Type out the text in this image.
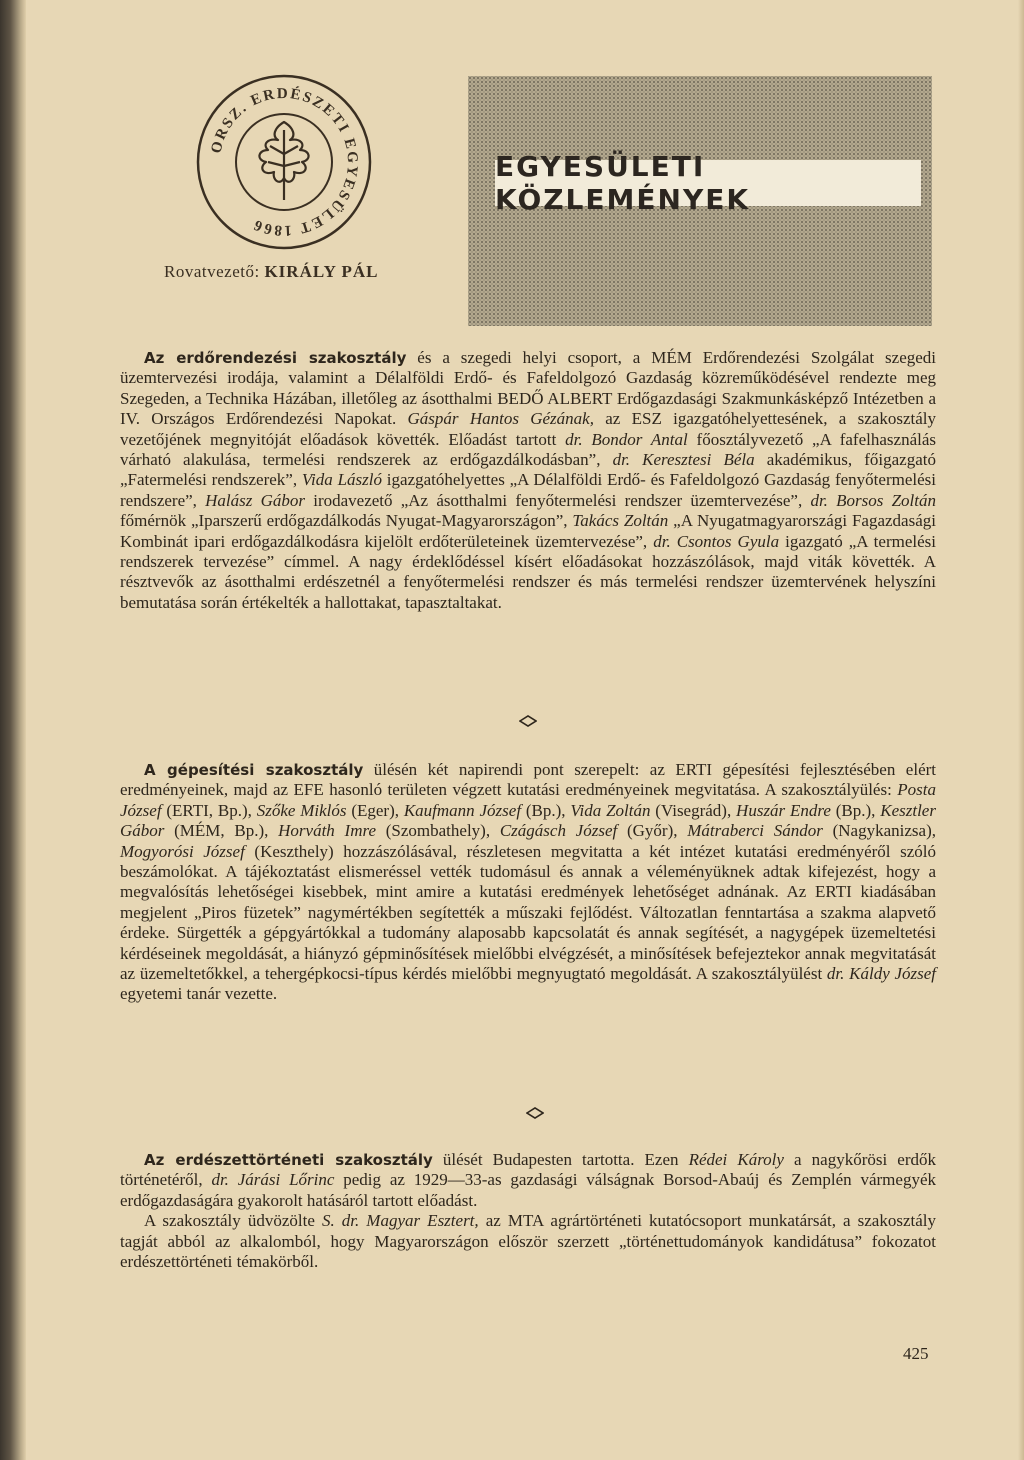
ORSZ. ERDÉSZETI EGYESÜLET 1866
Rovatvezető: KIRÁLY PÁL
EGYESÜLETI KÖZLEMÉNYEK

Az erdőrendezési szakosztály és a szegedi helyi csoport, a MÉM Erdőrendezési Szolgálat szegedi üzemtervezési irodája, valamint a Délalföldi Erdő- és Fafeldolgozó Gazdaság közreműködésével rendezte meg Szegeden, a Technika Házában, illetőleg az ásotthalmi BEDŐ ALBERT Erdőgazdasági Szakmunkásképző Intézetben a IV. Országos Erdőrendezési Napokat. Gáspár Hantos Gézának, az ESZ igazgatóhelyettesének, a szakosztály vezetőjének megnyitóját előadások követték. Előadást tartott dr. Bondor Antal főosztályvezető „A fafelhasználás várható alakulása, termelési rendszerek az erdőgazdálkodásban”, dr. Keresztesi Béla akadémikus, főigazgató „Fatermelési rendszerek”, Vida László igazgatóhelyettes „A Délalföldi Erdő- és Fafeldolgozó Gazdaság fenyőtermelési rendszere”, Halász Gábor irodavezető „Az ásotthalmi fenyőtermelési rendszer üzemtervezése”, dr. Borsos Zoltán főmérnök „Iparszerű erdőgazdálkodás Nyugat-Magyarországon”, Takács Zoltán „A Nyugatmagyarországi Fagazdasági Kombinát ipari erdőgazdálkodásra kijelölt erdőterületeinek üzemtervezése”, dr. Csontos Gyula igazgató „A termelési rendszerek tervezése” címmel. A nagy érdeklődéssel kísért előadásokat hozzászólások, majd viták követték. A résztvevők az ásotthalmi erdészetnél a fenyőtermelési rendszer és más termelési rendszer üzemtervének helyszíni bemutatása során értékelték a hallottakat, tapasztaltakat.

A gépesítési szakosztály ülésén két napirendi pont szerepelt: az ERTI gépesítési fejlesztésében elért eredményeinek, majd az EFE hasonló területen végzett kutatási eredményeinek megvitatása. A szakosztályülés: Posta József (ERTI, Bp.), Szőke Miklós (Eger), Kaufmann József (Bp.), Vida Zoltán (Visegrád), Huszár Endre (Bp.), Kesztler Gábor (MÉM, Bp.), Horváth Imre (Szombathely), Czágásch József (Győr), Mátraberci Sándor (Nagykanizsa), Mogyorósi József (Keszthely) hozzászólásával, részletesen megvitatta a két intézet kutatási eredményéről szóló beszámolókat. A tájékoztatást elismeréssel vették tudomásul és annak a véleményüknek adtak kifejezést, hogy a megvalósítás lehetőségei kisebbek, mint amire a kutatási eredmények lehetőséget adnának. Az ERTI kiadásában megjelent „Piros füzetek” nagymértékben segítették a műszaki fejlődést. Változatlan fenntartása a szakma alapvető érdeke. Sürgették a gépgyártókkal a tudomány alaposabb kapcsolatát és annak segítését, a nagygépek üzemeltetési kérdéseinek megoldását, a hiányzó gépminősítések mielőbbi elvégzését, a minősítések befejeztekor annak megvitatását az üzemeltetőkkel, a tehergépkocsi-típus kérdés mielőbbi megnyugtató megoldását. A szakosztályülést dr. Káldy József egyetemi tanár vezette.

Az erdészettörténeti szakosztály ülését Budapesten tartotta. Ezen Rédei Károly a nagykőrösi erdők történetéről, dr. Járási Lőrinc pedig az 1929—33-as gazdasági válságnak Borsod-Abaúj és Zemplén vármegyék erdőgazdaságára gyakorolt hatásáról tartott előadást.

A szakosztály üdvözölte S. dr. Magyar Esztert, az MTA agrártörténeti kutatócsoport munkatársát, a szakosztály tagját abból az alkalomból, hogy Magyarországon először szerzett „történettudományok kandidátusa” fokozatot erdészettörténeti témakörből.

425
